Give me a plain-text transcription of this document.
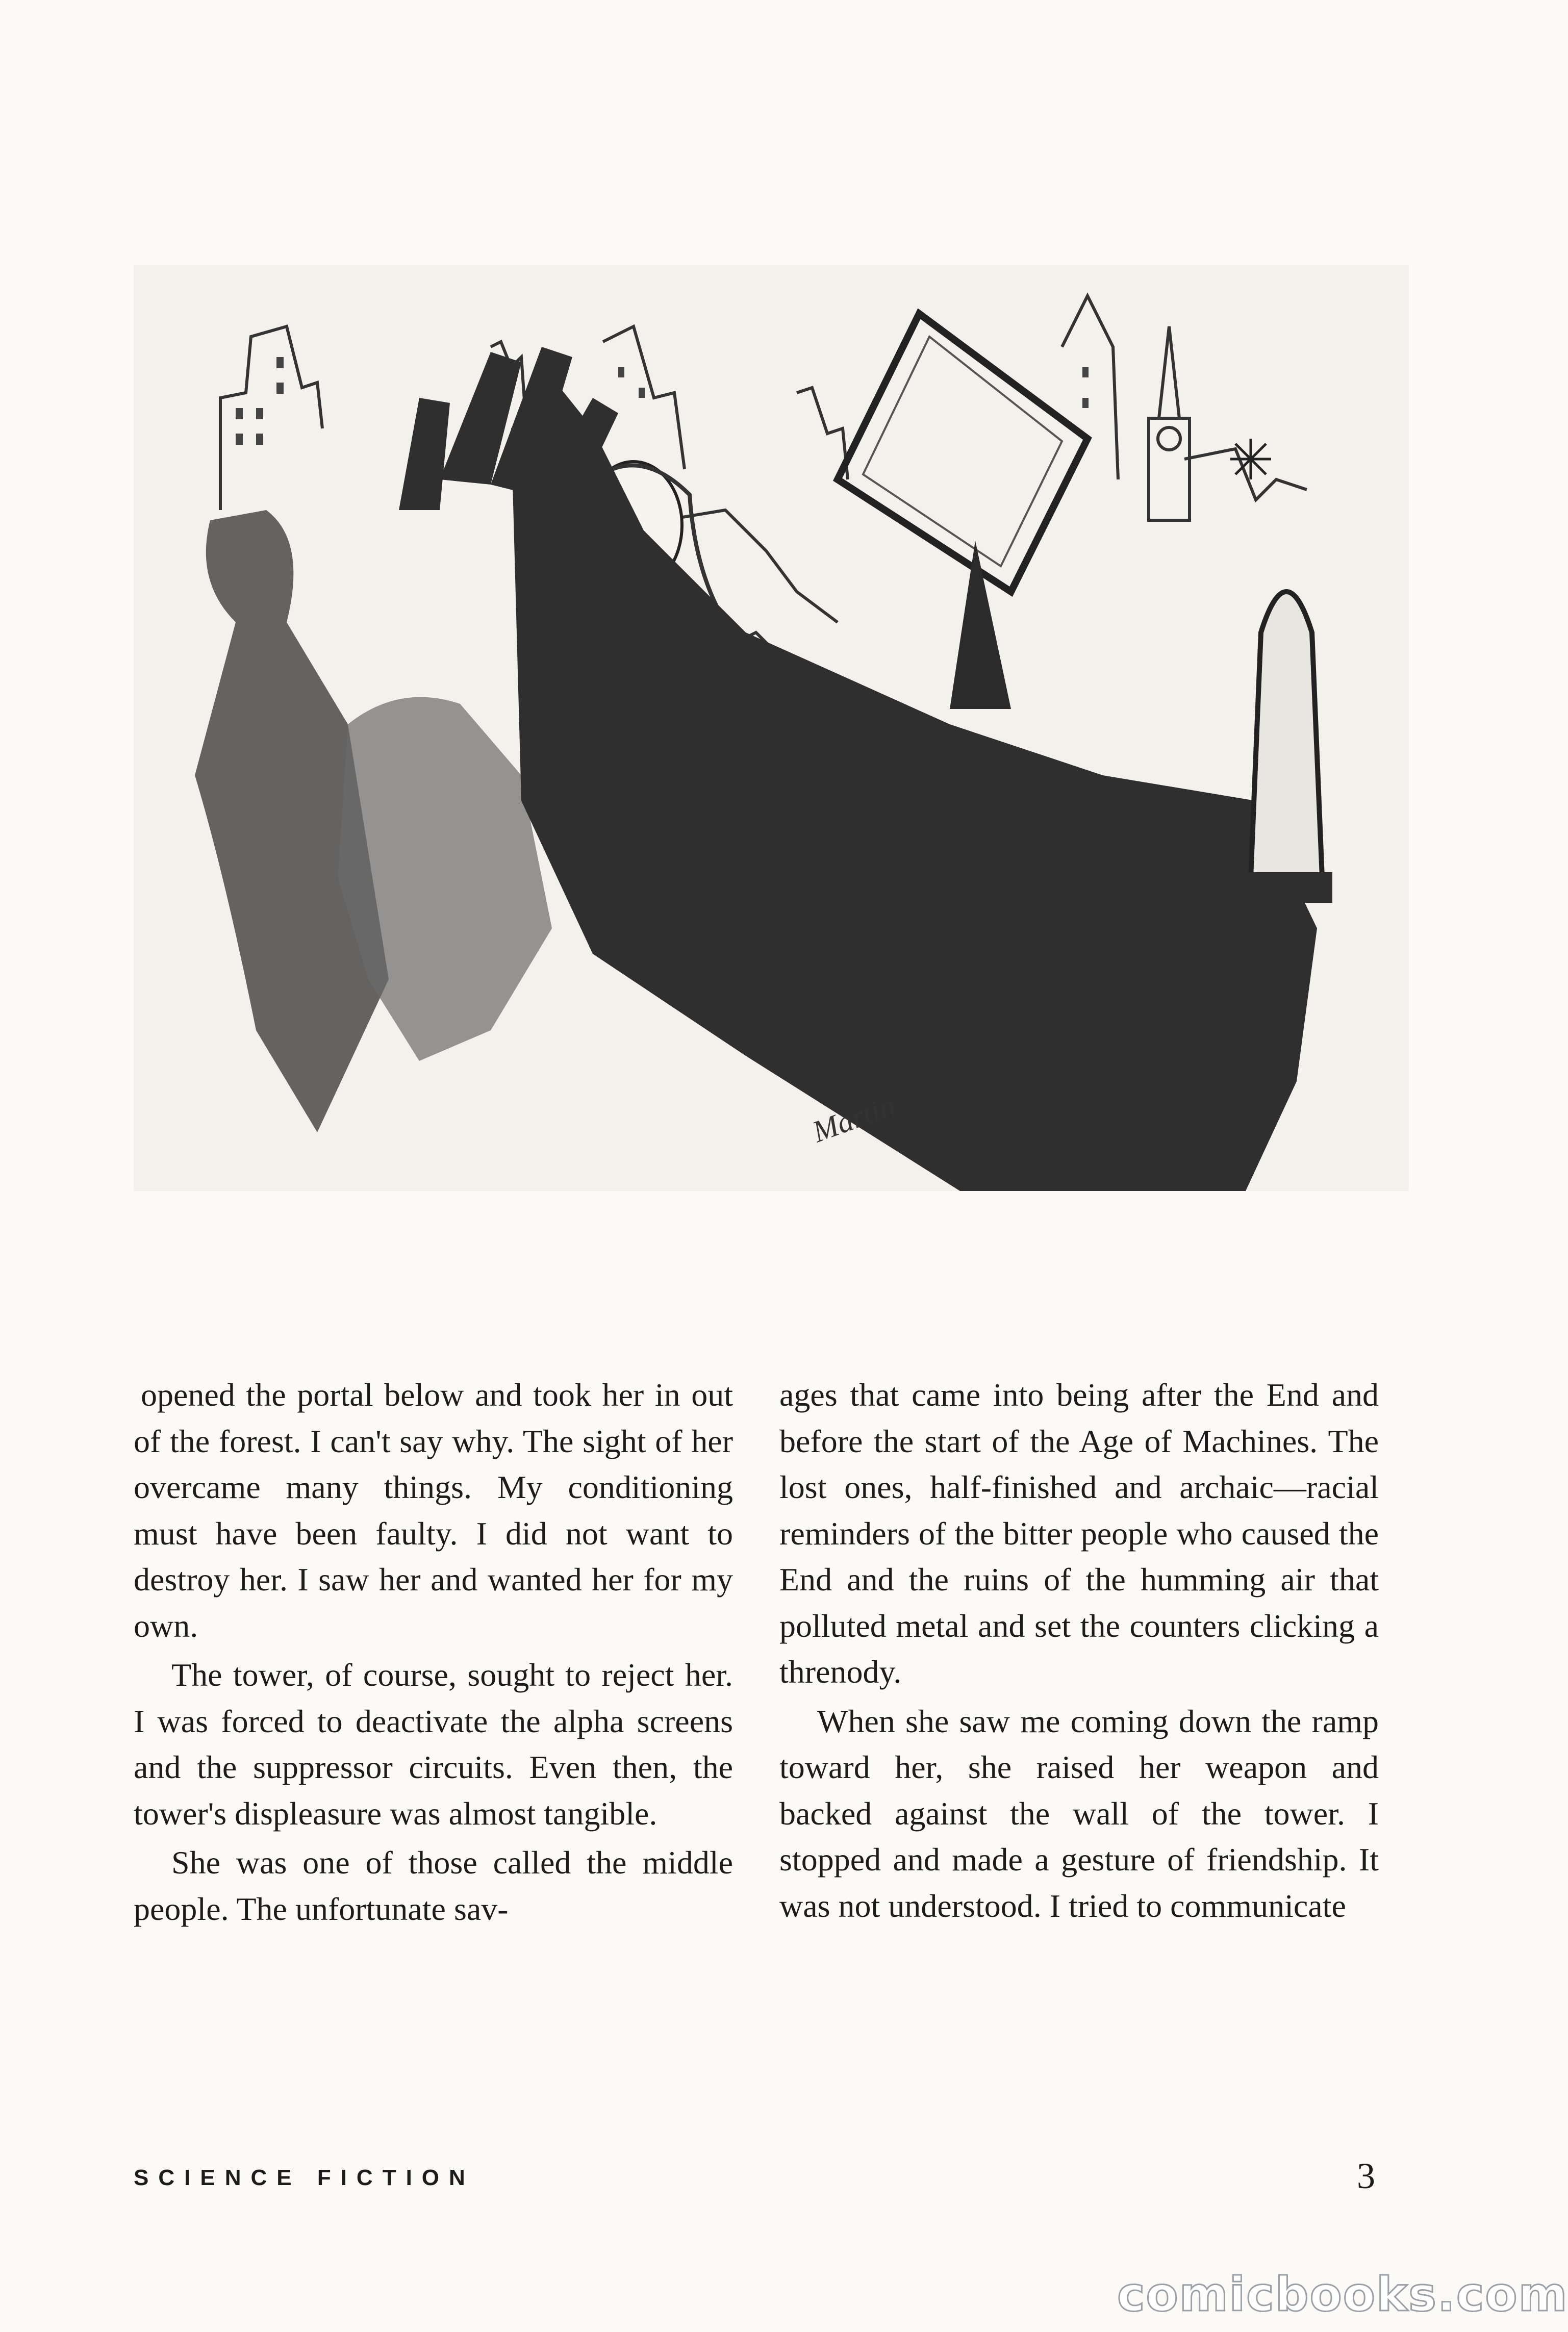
Martin

opened the portal below and took her in out of the forest. I can't say why. The sight of her overcame many things. My conditioning must have been faulty. I did not want to destroy her. I saw her and wanted her for my own.

The tower, of course, sought to reject her. I was forced to deactivate the alpha screens and the suppressor circuits. Even then, the tower's displeasure was almost tangible.

She was one of those called the middle people. The unfortunate sav-

ages that came into being after the End and before the start of the Age of Machines. The lost ones, half-finished and archaic—racial reminders of the bitter people who caused the End and the ruins of the humming air that polluted metal and set the counters clicking a threnody.

When she saw me coming down the ramp toward her, she raised her weapon and backed against the wall of the tower. I stopped and made a gesture of friendship. It was not understood. I tried to communicate

SCIENCE FICTION	3
comicbooks.com
